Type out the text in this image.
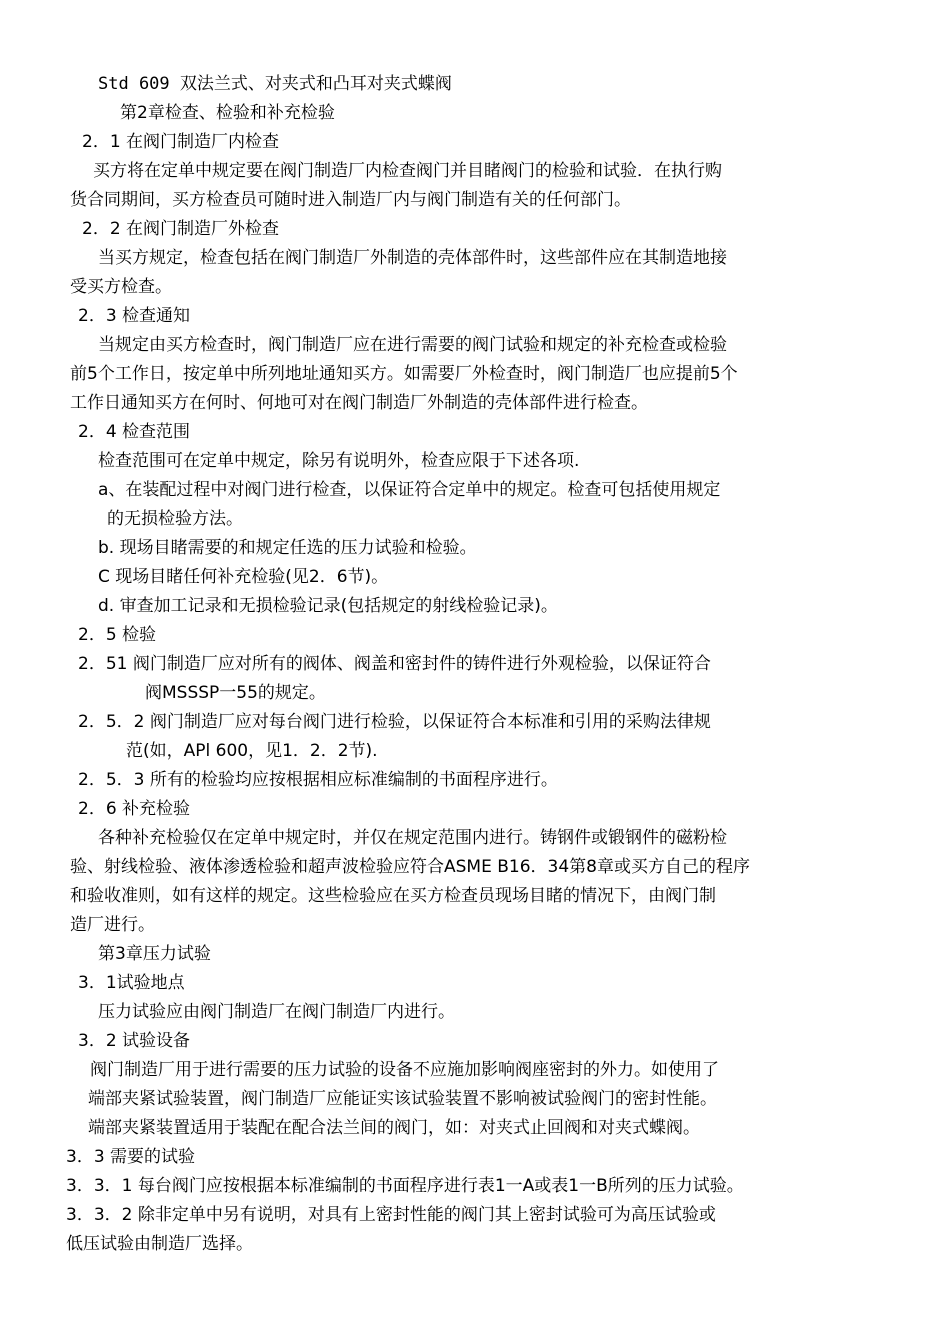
Std 609 双法兰式、对夹式和凸耳对夹式蝶阀
第2章检查、检验和补充检验
2．1 在阀门制造厂内检查
买方将在定单中规定要在阀门制造厂内检查阀门并目睹阀门的检验和试验．在执行购
货合同期间，买方检查员可随时进入制造厂内与阀门制造有关的任何部门。
2．2 在阀门制造厂外检查
当买方规定，检查包括在阀门制造厂外制造的壳体部件时，这些部件应在其制造地接
受买方检查。
2．3 检查通知
当规定由买方检查时，阀门制造厂应在进行需要的阀门试验和规定的补充检查或检验
前5个工作日，按定单中所列地址通知买方。如需要厂外检查时，阀门制造厂也应提前5个
工作日通知买方在何时、何地可对在阀门制造厂外制造的壳体部件进行检查。
2．4 检查范围
检查范围可在定单中规定，除另有说明外，检查应限于下述各项.
a、在装配过程中对阀门进行检查，以保证符合定单中的规定。检查可包括使用规定
的无损检验方法。
b. 现场目睹需要的和规定任选的压力试验和检验。
C 现场目睹任何补充检验(见2．6节)。
d. 审查加工记录和无损检验记录(包括规定的射线检验记录)。
2．5 检验
2．51 阀门制造厂应对所有的阀体、阀盖和密封件的铸件进行外观检验，以保证符合
阀MSSSP一55的规定。
2．5．2 阀门制造厂应对每台阀门进行检验，以保证符合本标准和引用的采购法律规
范(如，APl 600，见1．2．2节).
2．5．3 所有的检验均应按根据相应标准编制的书面程序进行。
2．6 补充检验
各种补充检验仅在定单中规定时，并仅在规定范围内进行。铸钢件或锻钢件的磁粉检
验、射线检验、液体渗透检验和超声波检验应符合ASME B16．34第8章或买方自己的程序
和验收准则，如有这样的规定。这些检验应在买方检查员现场目睹的情况下，由阀门制
造厂进行。
第3章压力试验
3．1试验地点
压力试验应由阀门制造厂在阀门制造厂内进行。
3．2 试验设备
阀门制造厂用于进行需要的压力试验的设备不应施加影响阀座密封的外力。如使用了
端部夹紧试验装置，阀门制造厂应能证实该试验装置不影响被试验阀门的密封性能。
端部夹紧装置适用于装配在配合法兰间的阀门，如：对夹式止回阀和对夹式蝶阀。
3．3 需要的试验
3．3．1 每台阀门应按根据本标准编制的书面程序进行表1一A或表1一B所列的压力试验。
3．3．2 除非定单中另有说明，对具有上密封性能的阀门其上密封试验可为高压试验或
低压试验由制造厂选择。
